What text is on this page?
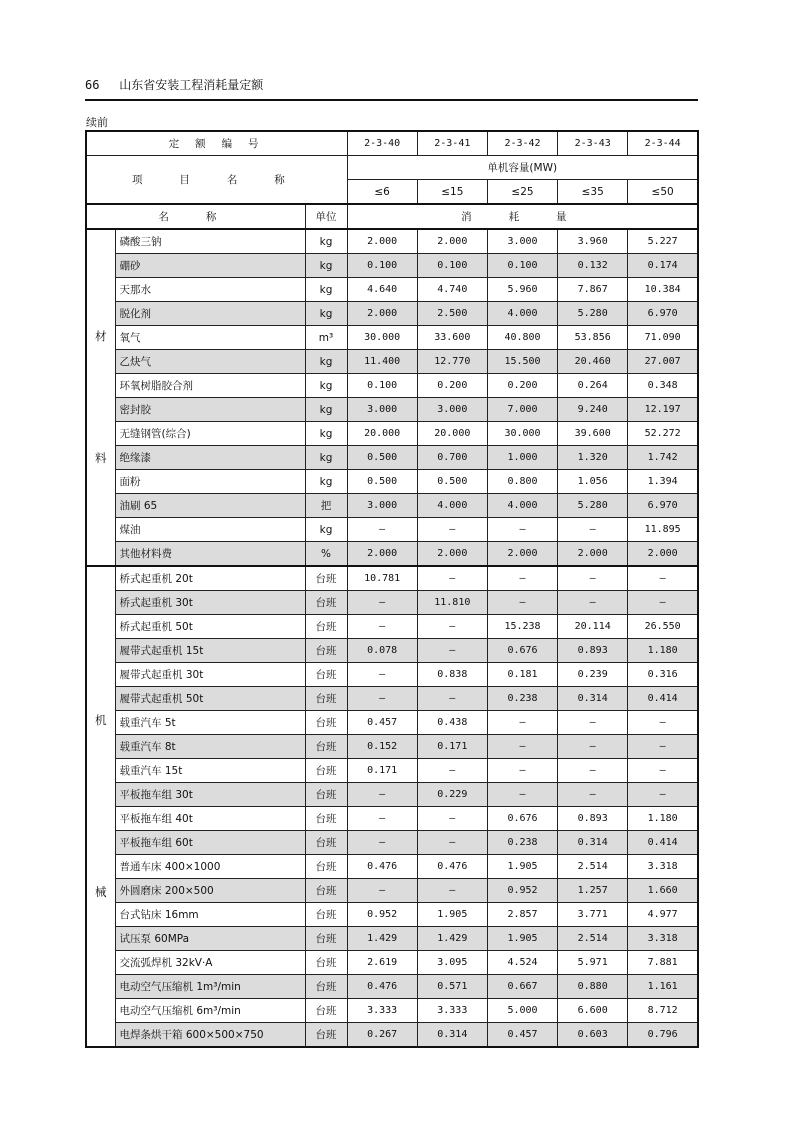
66 山东省安装工程消耗量定额
续前
定 额 编 号			2-3-40	2-3-41	2-3-42	2-3-43	2-3-44
项 目 名 称			单机容量(MW)				
			≤6	≤15	≤25	≤35	≤50
名 称		单位	消 耗 量				

材
料	磷酸三钠	kg	2.000	2.000	3.000	3.960	5.227
	硼砂	kg	0.100	0.100	0.100	0.132	0.174
	天那水	kg	4.640	4.740	5.960	7.867	10.384
	脱化剂	kg	2.000	2.500	4.000	5.280	6.970
	氧气	m³	30.000	33.600	40.800	53.856	71.090
	乙炔气	kg	11.400	12.770	15.500	20.460	27.007
	环氧树脂胶合剂	kg	0.100	0.200	0.200	0.264	0.348
	密封胶	kg	3.000	3.000	7.000	9.240	12.197
	无缝钢管(综合)	kg	20.000	20.000	30.000	39.600	52.272
	绝缘漆	kg	0.500	0.700	1.000	1.320	1.742
	面粉	kg	0.500	0.500	0.800	1.056	1.394
	油刷 65	把	3.000	4.000	4.000	5.280	6.970
	煤油	kg	—	—	—	—	11.895
	其他材料费	%	2.000	2.000	2.000	2.000	2.000

机
械	桥式起重机 20t	台班	10.781	—	—	—	—
	桥式起重机 30t	台班	—	11.810	—	—	—
	桥式起重机 50t	台班	—	—	15.238	20.114	26.550
	履带式起重机 15t	台班	0.078	—	0.676	0.893	1.180
	履带式起重机 30t	台班	—	0.838	0.181	0.239	0.316
	履带式起重机 50t	台班	—	—	0.238	0.314	0.414
	载重汽车 5t	台班	0.457	0.438	—	—	—
	载重汽车 8t	台班	0.152	0.171	—	—	—
	载重汽车 15t	台班	0.171	—	—	—	—
	平板拖车组 30t	台班	—	0.229	—	—	—
	平板拖车组 40t	台班	—	—	0.676	0.893	1.180
	平板拖车组 60t	台班	—	—	0.238	0.314	0.414
	普通车床 400×1000	台班	0.476	0.476	1.905	2.514	3.318
	外圆磨床 200×500	台班	—	—	0.952	1.257	1.660
	台式钻床 16mm	台班	0.952	1.905	2.857	3.771	4.977
	试压泵 60MPa	台班	1.429	1.429	1.905	2.514	3.318
	交流弧焊机 32kV·A	台班	2.619	3.095	4.524	5.971	7.881
	电动空气压缩机 1m³/min	台班	0.476	0.571	0.667	0.880	1.161
	电动空气压缩机 6m³/min	台班	3.333	3.333	5.000	6.600	8.712
	电焊条烘干箱 600×500×750	台班	0.267	0.314	0.457	0.603	0.796
